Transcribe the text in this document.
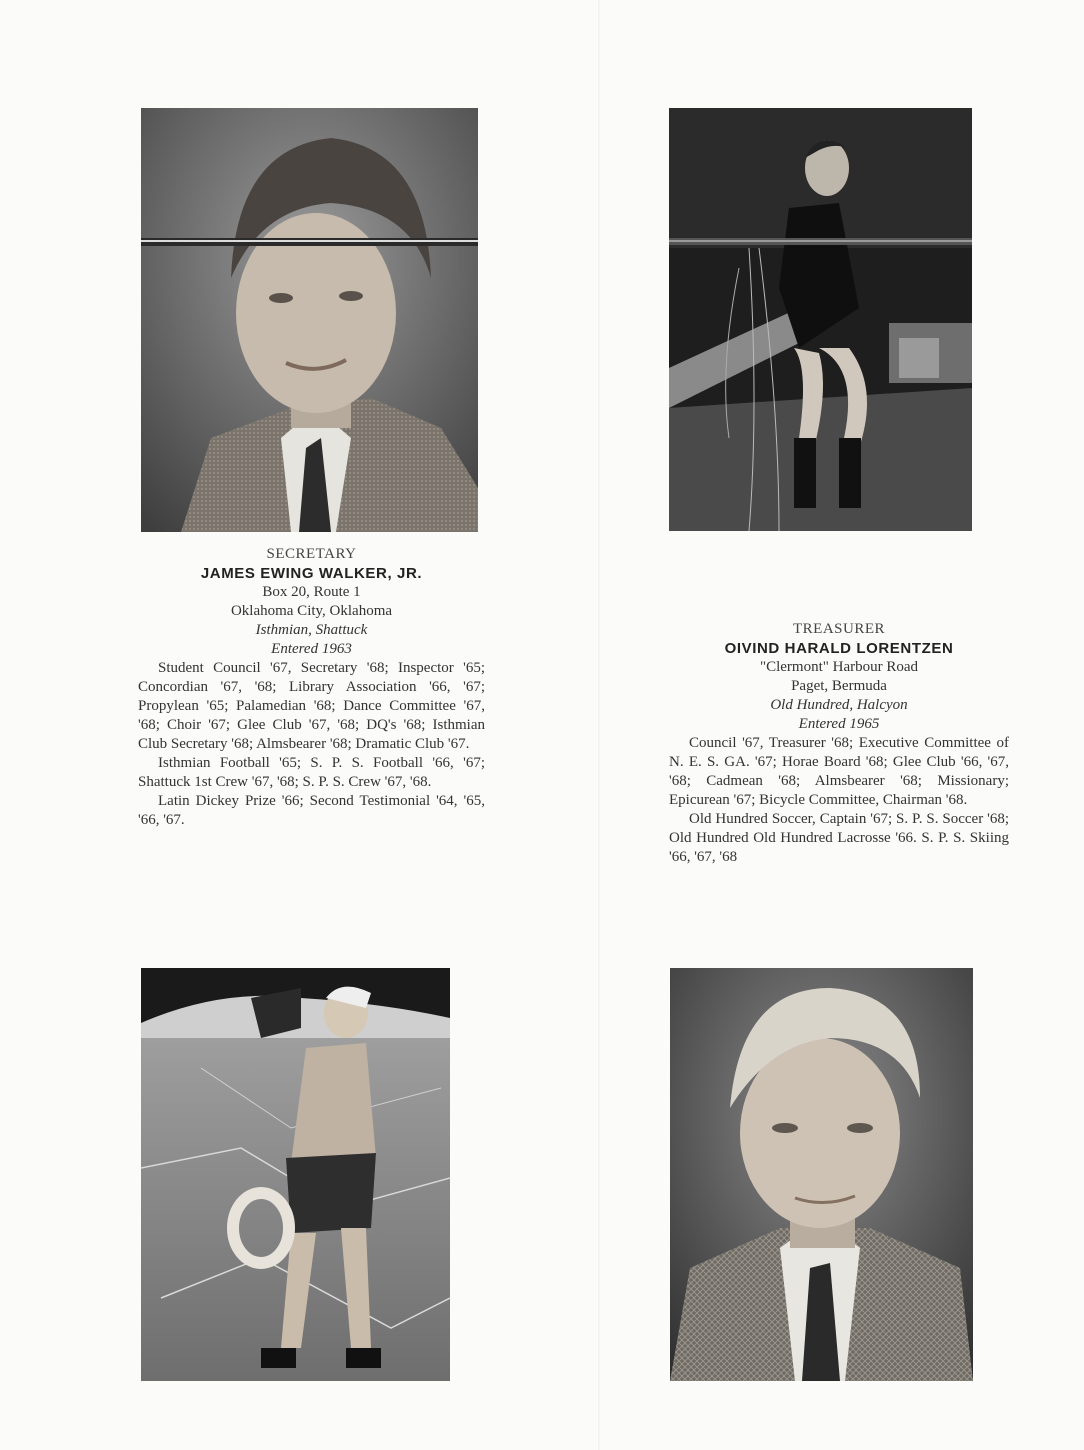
SECRETARY
JAMES EWING WALKER, JR.
Box 20, Route 1
Oklahoma City, Oklahoma
Isthmian, Shattuck
Entered 1963

Student Council '67, Secretary '68; Inspector '65; Concordian '67, '68; Library Association '66, '67; Propylean '65; Palamedian '68; Dance Committee '67, '68; Choir '67; Glee Club '67, '68; DQ's '68; Isthmian Club Secretary '68; Almsbearer '68; Dramatic Club '67.

Isthmian Football '65; S. P. S. Football '66, '67; Shattuck 1st Crew '67, '68; S. P. S. Crew '67, '68.

Latin Dickey Prize '66; Second Testimonial '64, '65, '66, '67.

TREASURER
OIVIND HARALD LORENTZEN
"Clermont" Harbour Road
Paget, Bermuda
Old Hundred, Halcyon
Entered 1965

Council '67, Treasurer '68; Executive Committee of N. E. S. GA. '67; Horae Board '68; Glee Club '66, '67, '68; Cadmean '68; Almsbearer '68; Missionary; Epicurean '67; Bicycle Committee, Chairman '68.

Old Hundred Soccer, Captain '67; S. P. S. Soccer '68; Old Hundred Old Hundred Lacrosse '66. S. P. S. Skiing '66, '67, '68
